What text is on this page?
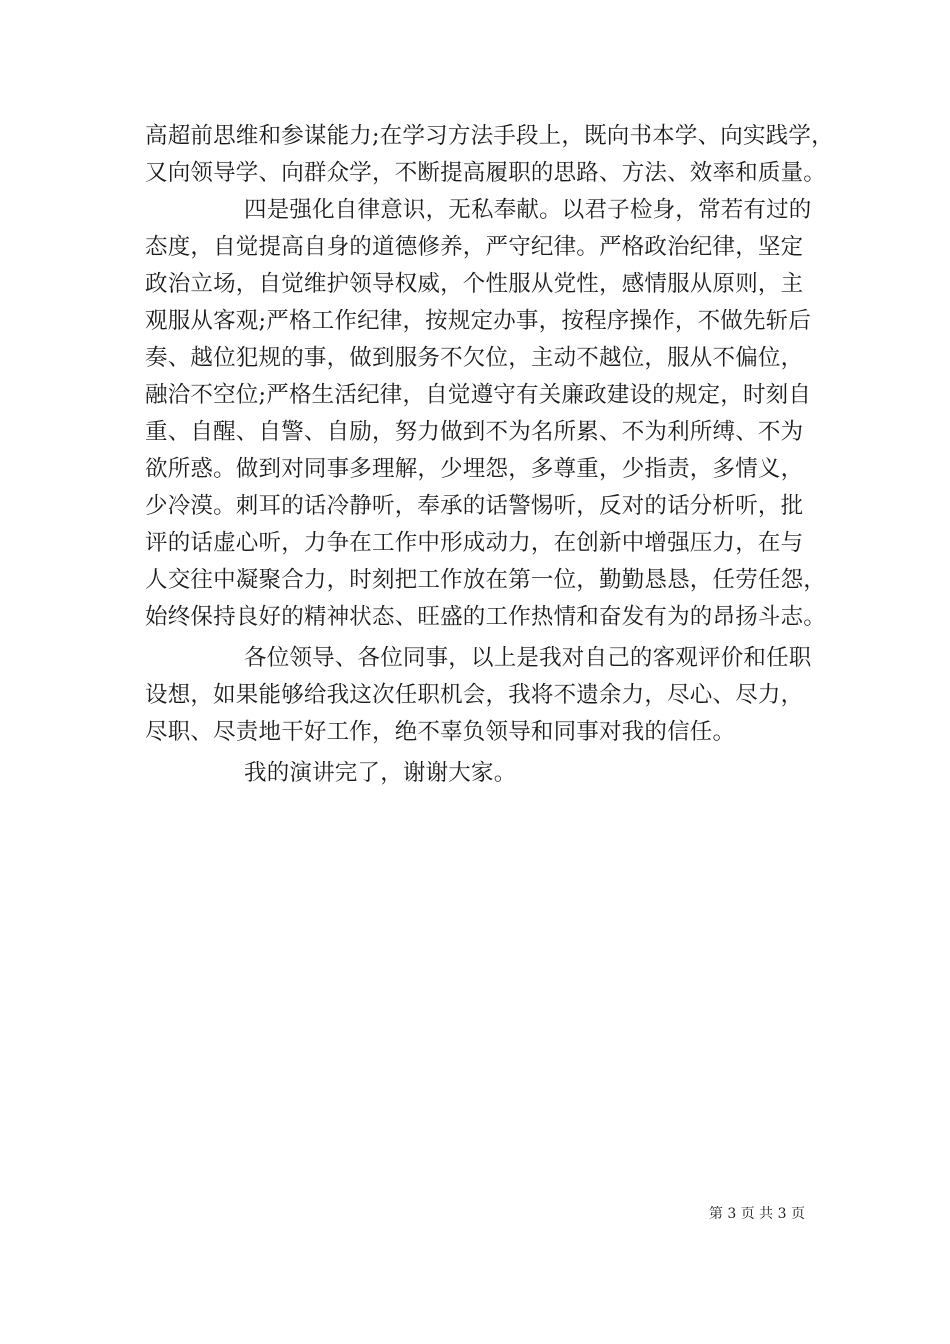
高超前思维和参谋能力;在学习方法手段上，既向书本学、向实践学，
又向领导学、向群众学，不断提高履职的思路、方法、效率和质量。
四是强化自律意识，无私奉献。以君子检身，常若有过的
态度，自觉提高自身的道德修养，严守纪律。严格政治纪律，坚定
政治立场，自觉维护领导权威，个性服从党性，感情服从原则，主
观服从客观;严格工作纪律，按规定办事，按程序操作，不做先斩后
奏、越位犯规的事，做到服务不欠位，主动不越位，服从不偏位，
融洽不空位;严格生活纪律，自觉遵守有关廉政建设的规定，时刻自
重、自醒、自警、自励，努力做到不为名所累、不为利所缚、不为
欲所惑。做到对同事多理解，少埋怨，多尊重，少指责，多情义，
少冷漠。刺耳的话冷静听，奉承的话警惕听，反对的话分析听，批
评的话虚心听，力争在工作中形成动力，在创新中增强压力，在与
人交往中凝聚合力，时刻把工作放在第一位，勤勤恳恳，任劳任怨，
始终保持良好的精神状态、旺盛的工作热情和奋发有为的昂扬斗志。
各位领导、各位同事，以上是我对自己的客观评价和任职
设想，如果能够给我这次任职机会，我将不遗余力，尽心、尽力，
尽职、尽责地干好工作，绝不辜负领导和同事对我的信任。
我的演讲完了，谢谢大家。
第 3 页 共 3 页
